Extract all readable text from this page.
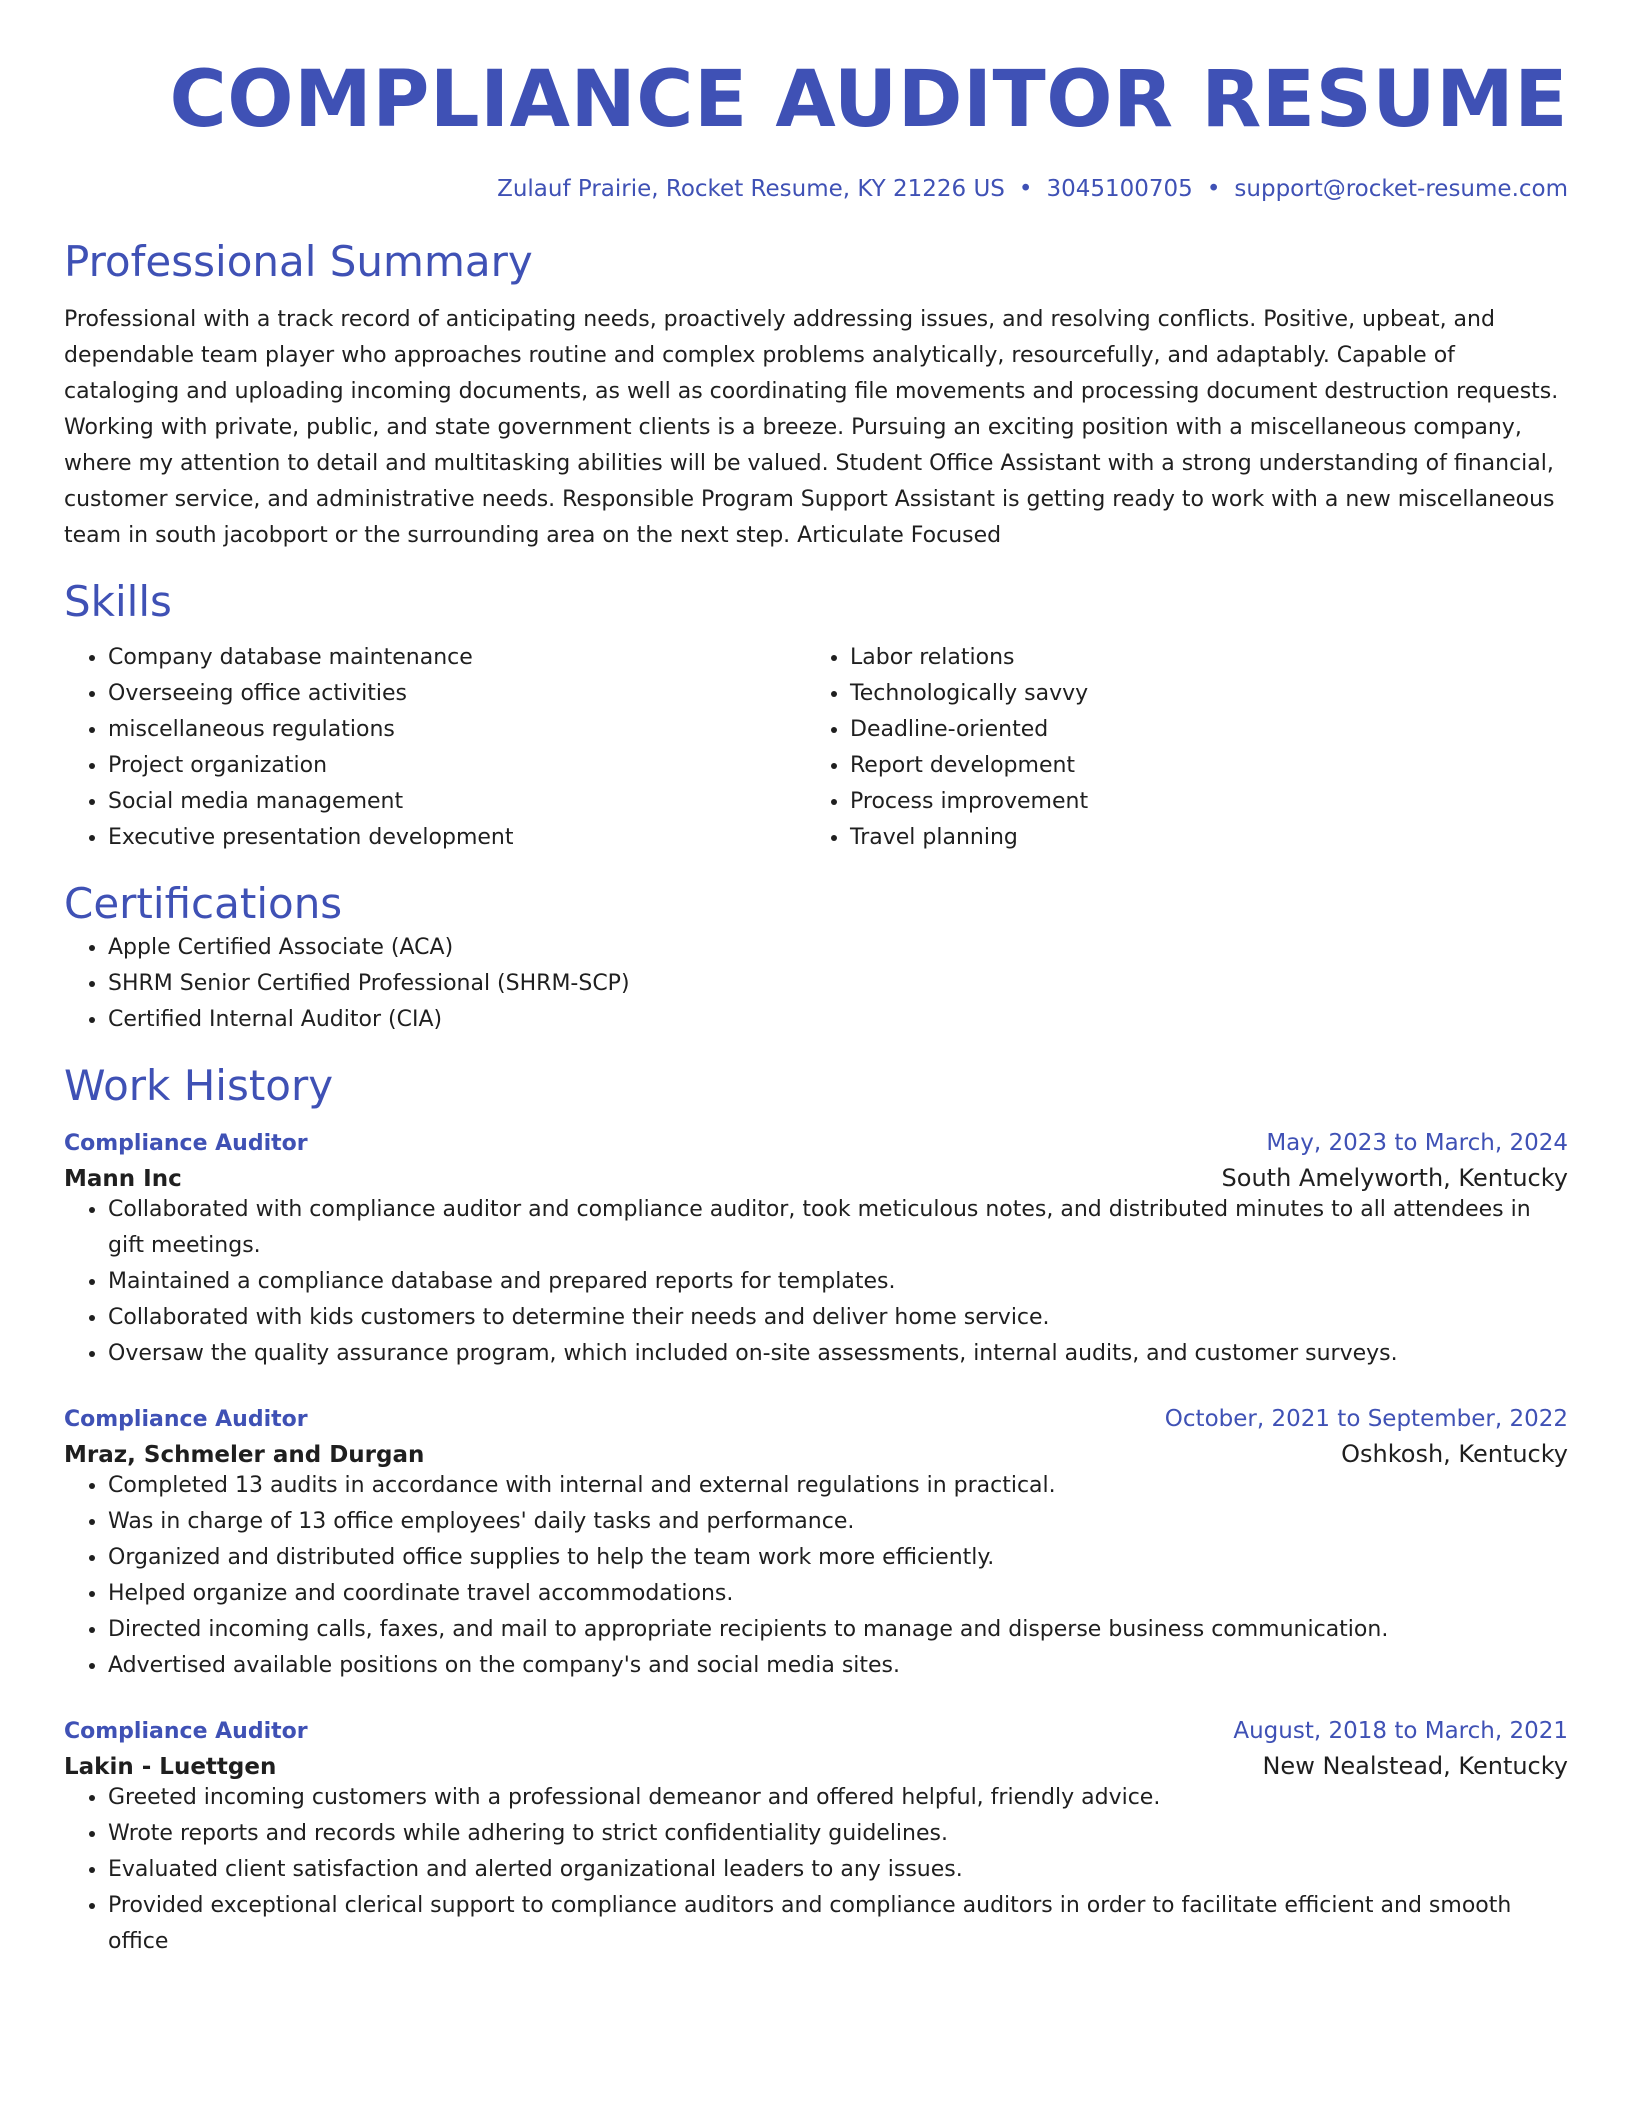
COMPLIANCE AUDITOR RESUME
Zulauf Prairie, Rocket Resume, KY 21226 US • 3045100705 • support@rocket-resume.com
Professional Summary
Professional with a track record of anticipating needs, proactively addressing issues, and resolving conflicts. Positive, upbeat, and dependable team player who approaches routine and complex problems analytically, resourcefully, and adaptably. Capable of cataloging and uploading incoming documents, as well as coordinating file movements and processing document destruction requests. Working with private, public, and state government clients is a breeze. Pursuing an exciting position with a miscellaneous company, where my attention to detail and multitasking abilities will be valued. Student Office Assistant with a strong understanding of financial, customer service, and administrative needs. Responsible Program Support Assistant is getting ready to work with a new miscellaneous team in south jacobport or the surrounding area on the next step. Articulate Focused
Skills
• Company database maintenance
• Overseeing office activities
• miscellaneous regulations
• Project organization
• Social media management
• Executive presentation development
• Labor relations
• Technologically savvy
• Deadline-oriented
• Report development
• Process improvement
• Travel planning
Certifications
• Apple Certified Associate (ACA)
• SHRM Senior Certified Professional (SHRM-SCP)
• Certified Internal Auditor (CIA)
Work History
Compliance Auditor	May, 2023 to March, 2024
Mann Inc	South Amelyworth, Kentucky
• Collaborated with compliance auditor and compliance auditor, took meticulous notes, and distributed minutes to all attendees in gift meetings.
• Maintained a compliance database and prepared reports for templates.
• Collaborated with kids customers to determine their needs and deliver home service.
• Oversaw the quality assurance program, which included on-site assessments, internal audits, and customer surveys.
Compliance Auditor	October, 2021 to September, 2022
Mraz, Schmeler and Durgan	Oshkosh, Kentucky
• Completed 13 audits in accordance with internal and external regulations in practical.
• Was in charge of 13 office employees' daily tasks and performance.
• Organized and distributed office supplies to help the team work more efficiently.
• Helped organize and coordinate travel accommodations.
• Directed incoming calls, faxes, and mail to appropriate recipients to manage and disperse business communication.
• Advertised available positions on the company's and social media sites.
Compliance Auditor	August, 2018 to March, 2021
Lakin - Luettgen	New Nealstead, Kentucky
• Greeted incoming customers with a professional demeanor and offered helpful, friendly advice.
• Wrote reports and records while adhering to strict confidentiality guidelines.
• Evaluated client satisfaction and alerted organizational leaders to any issues.
• Provided exceptional clerical support to compliance auditors and compliance auditors in order to facilitate efficient and smooth office
